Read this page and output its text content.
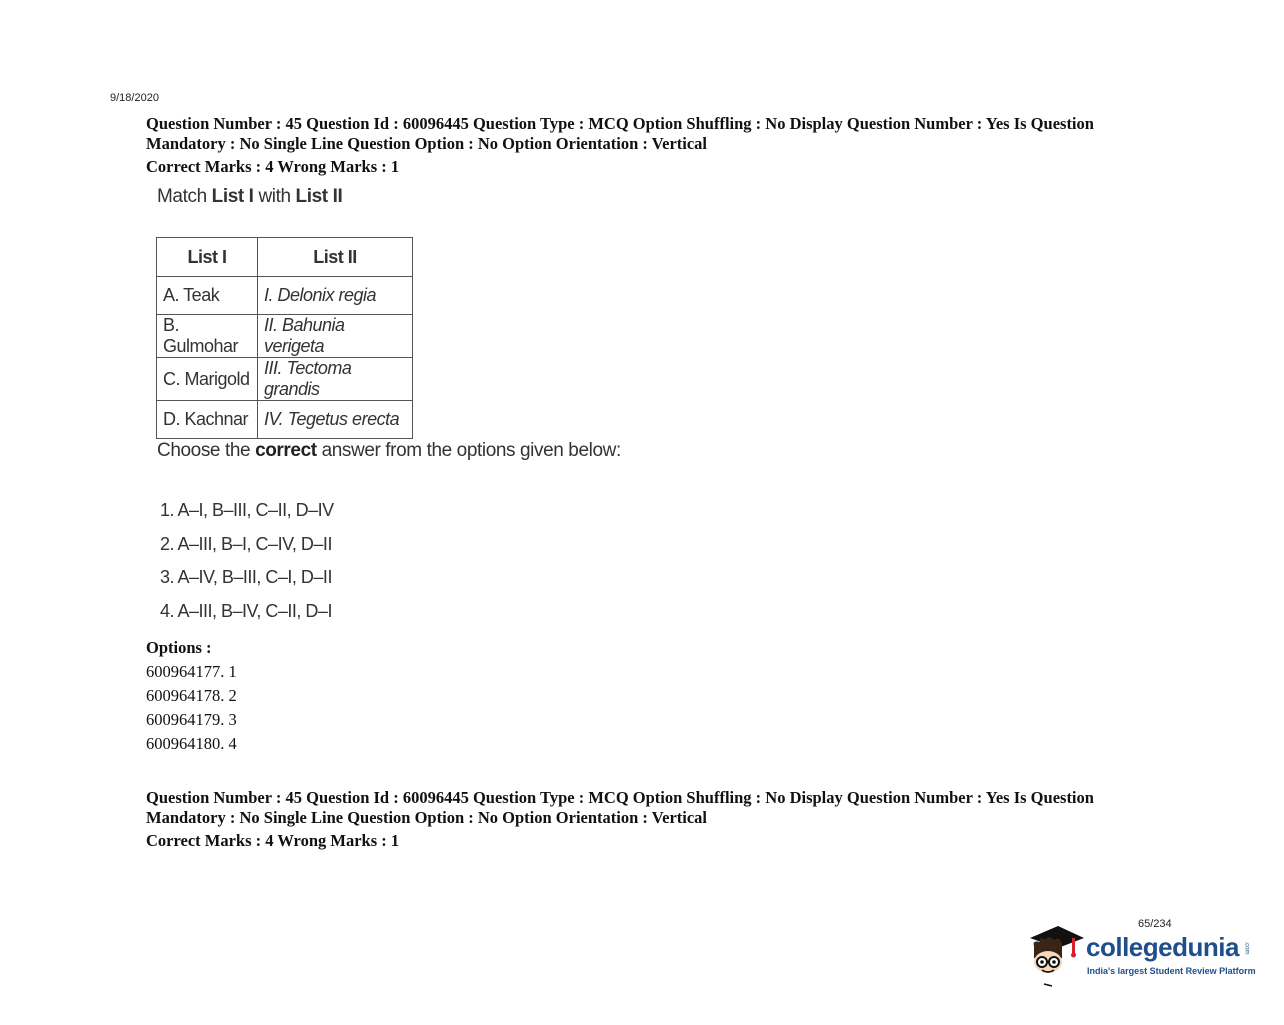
9/18/2020
Question Number : 45 Question Id : 60096445 Question Type : MCQ Option Shuffling : No Display Question Number : Yes Is Question
Mandatory : No Single Line Question Option : No Option Orientation : Vertical
Correct Marks : 4 Wrong Marks : 1
Match List I with List II
List I	List II
A. Teak	I. Delonix regia
B. Gulmohar	II. Bahunia verigeta
C. Marigold	III. Tectoma grandis
D. Kachnar	IV. Tegetus erecta
Choose the correct answer from the options given below:
1. A–I, B–III, C–II, D–IV
2. A–III, B–I, C–IV, D–II
3. A–IV, B–III, C–I, D–II
4. A–III, B–IV, C–II, D–I
Options :
600964177. 1
600964178. 2
600964179. 3
600964180. 4
Question Number : 45 Question Id : 60096445 Question Type : MCQ Option Shuffling : No Display Question Number : Yes Is Question
Mandatory : No Single Line Question Option : No Option Orientation : Vertical
Correct Marks : 4 Wrong Marks : 1
65/234
collegedunia .com
India's largest Student Review Platform
